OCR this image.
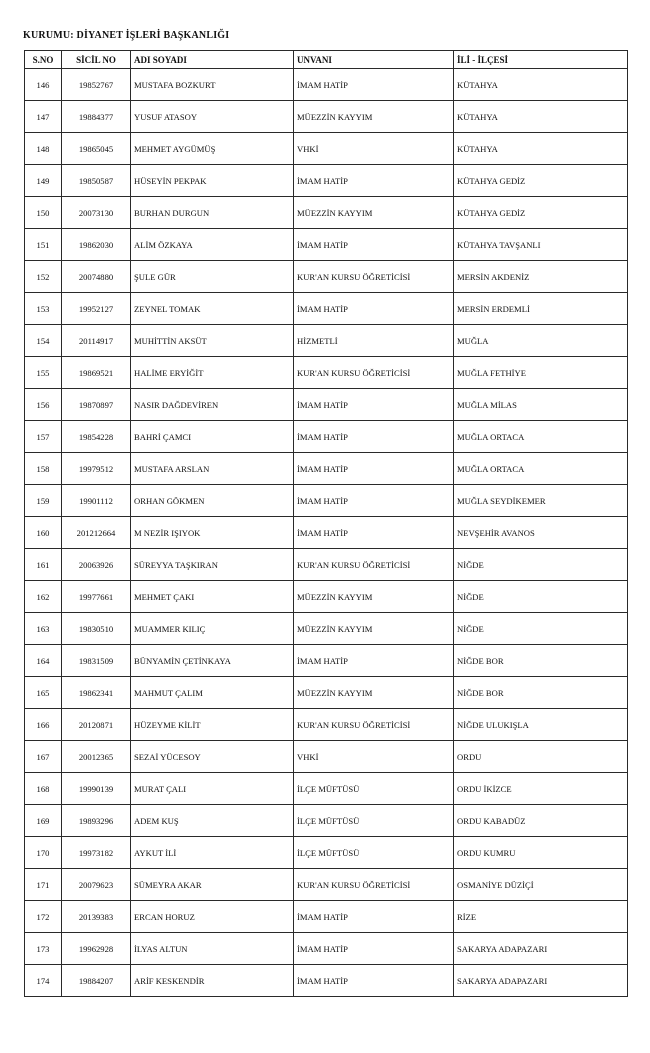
KURUMU: DİYANET İŞLERİ BAŞKANLIĞI
S.NO	SİCİL NO	ADI SOYADI	UNVANI	İLİ - İLÇESİ
146	19852767	MUSTAFA BOZKURT	İMAM HATİP	KÜTAHYA
147	19884377	YUSUF ATASOY	MÜEZZİN KAYYIM	KÜTAHYA
148	19865045	MEHMET AYGÜMÜŞ	VHKİ	KÜTAHYA
149	19850587	HÜSEYİN PEKPAK	İMAM HATİP	KÜTAHYA GEDİZ
150	20073130	BURHAN DURGUN	MÜEZZİN KAYYIM	KÜTAHYA GEDİZ
151	19862030	ALİM ÖZKAYA	İMAM HATİP	KÜTAHYA TAVŞANLI
152	20074880	ŞULE GÜR	KUR'AN KURSU ÖĞRETİCİSİ	MERSİN AKDENİZ
153	19952127	ZEYNEL TOMAK	İMAM HATİP	MERSİN ERDEMLİ
154	20114917	MUHİTTİN AKSÜT	HİZMETLİ	MUĞLA
155	19869521	HALİME ERYİĞİT	KUR'AN KURSU ÖĞRETİCİSİ	MUĞLA FETHİYE
156	19870897	NASIR DAĞDEVİREN	İMAM HATİP	MUĞLA MİLAS
157	19854228	BAHRİ ÇAMCI	İMAM HATİP	MUĞLA ORTACA
158	19979512	MUSTAFA ARSLAN	İMAM HATİP	MUĞLA ORTACA
159	19901112	ORHAN GÖKMEN	İMAM HATİP	MUĞLA SEYDİKEMER
160	201212664	M NEZİR IŞIYOK	İMAM HATİP	NEVŞEHİR AVANOS
161	20063926	SÜREYYA TAŞKIRAN	KUR'AN KURSU ÖĞRETİCİSİ	NİĞDE
162	19977661	MEHMET ÇAKI	MÜEZZİN KAYYIM	NİĞDE
163	19830510	MUAMMER KILIÇ	MÜEZZİN KAYYIM	NİĞDE
164	19831509	BÜNYAMİN ÇETİNKAYA	İMAM HATİP	NİĞDE BOR
165	19862341	MAHMUT ÇALIM	MÜEZZİN KAYYIM	NİĞDE BOR
166	20120871	HÜZEYME KİLİT	KUR'AN KURSU ÖĞRETİCİSİ	NİĞDE ULUKIŞLA
167	20012365	SEZAİ YÜCESOY	VHKİ	ORDU
168	19990139	MURAT ÇALI	İLÇE MÜFTÜSÜ	ORDU İKİZCE
169	19893296	ADEM KUŞ	İLÇE MÜFTÜSÜ	ORDU KABADÜZ
170	19973182	AYKUT İLİ	İLÇE MÜFTÜSÜ	ORDU KUMRU
171	20079623	SÜMEYRA AKAR	KUR'AN KURSU ÖĞRETİCİSİ	OSMANİYE DÜZİÇİ
172	20139383	ERCAN HORUZ	İMAM HATİP	RİZE
173	19962928	İLYAS ALTUN	İMAM HATİP	SAKARYA ADAPAZARI
174	19884207	ARİF KESKENDİR	İMAM HATİP	SAKARYA ADAPAZARI
